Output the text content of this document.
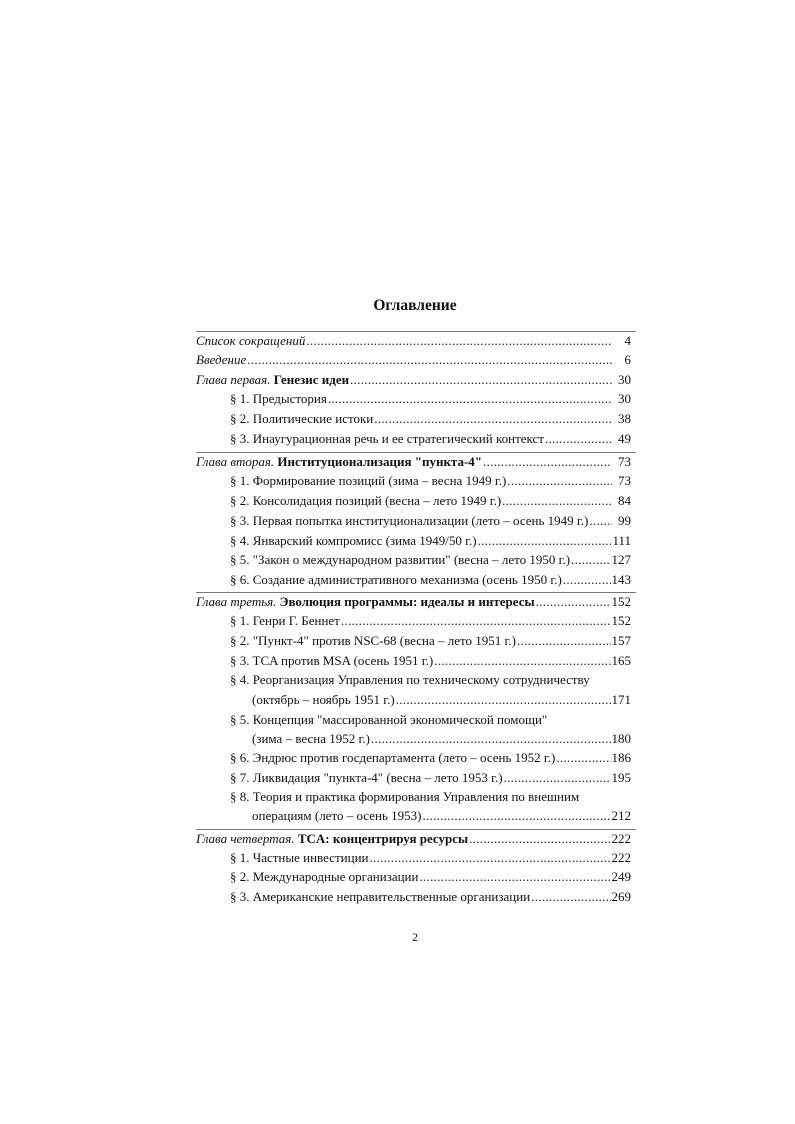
Оглавление
Список сокращений .....	4
Введение .....	6
Глава первая. Генезис идеи .....	30
§ 1. Предыстория .....	30
§ 2. Политические истоки .....	38
§ 3. Инаугурационная речь и ее стратегический контекст .....	49
Глава вторая. Институционализация "пункта-4" .....	73
§ 1. Формирование позиций (зима – весна 1949 г.) .....	73
§ 2. Консолидация позиций (весна – лето 1949 г.) .....	84
§ 3. Первая попытка институционализации (лето – осень 1949 г.) .....	99
§ 4. Январский компромисс (зима 1949/50 г.) .....	111
§ 5. "Закон о международном развитии" (весна – лето 1950 г.) .....	127
§ 6. Создание административного механизма (осень 1950 г.) .....	143
Глава третья. Эволюция программы: идеалы и интересы .....	152
§ 1. Генри Г. Беннет .....	152
§ 2. "Пункт-4" против NSC-68 (весна – лето 1951 г.) .....	157
§ 3. TCA против MSA (осень 1951 г.) .....	165
§ 4. Реорганизация Управления по техническому сотрудничеству
(октябрь – ноябрь 1951 г.) .....	171
§ 5. Концепция "массированной экономической помощи"
(зима – весна 1952 г.) .....	180
§ 6. Эндрюс против госдепартамента (лето – осень 1952 г.) .....	186
§ 7. Ликвидация "пункта-4" (весна – лето 1953 г.) .....	195
§ 8. Теория и практика формирования Управления по внешним
операциям (лето – осень 1953) .....	212
Глава четвертая. TCA: концентрируя ресурсы .....	222
§ 1. Частные инвестиции .....	222
§ 2. Международные организации .....	249
§ 3. Американские неправительственные организации .....	269
2
